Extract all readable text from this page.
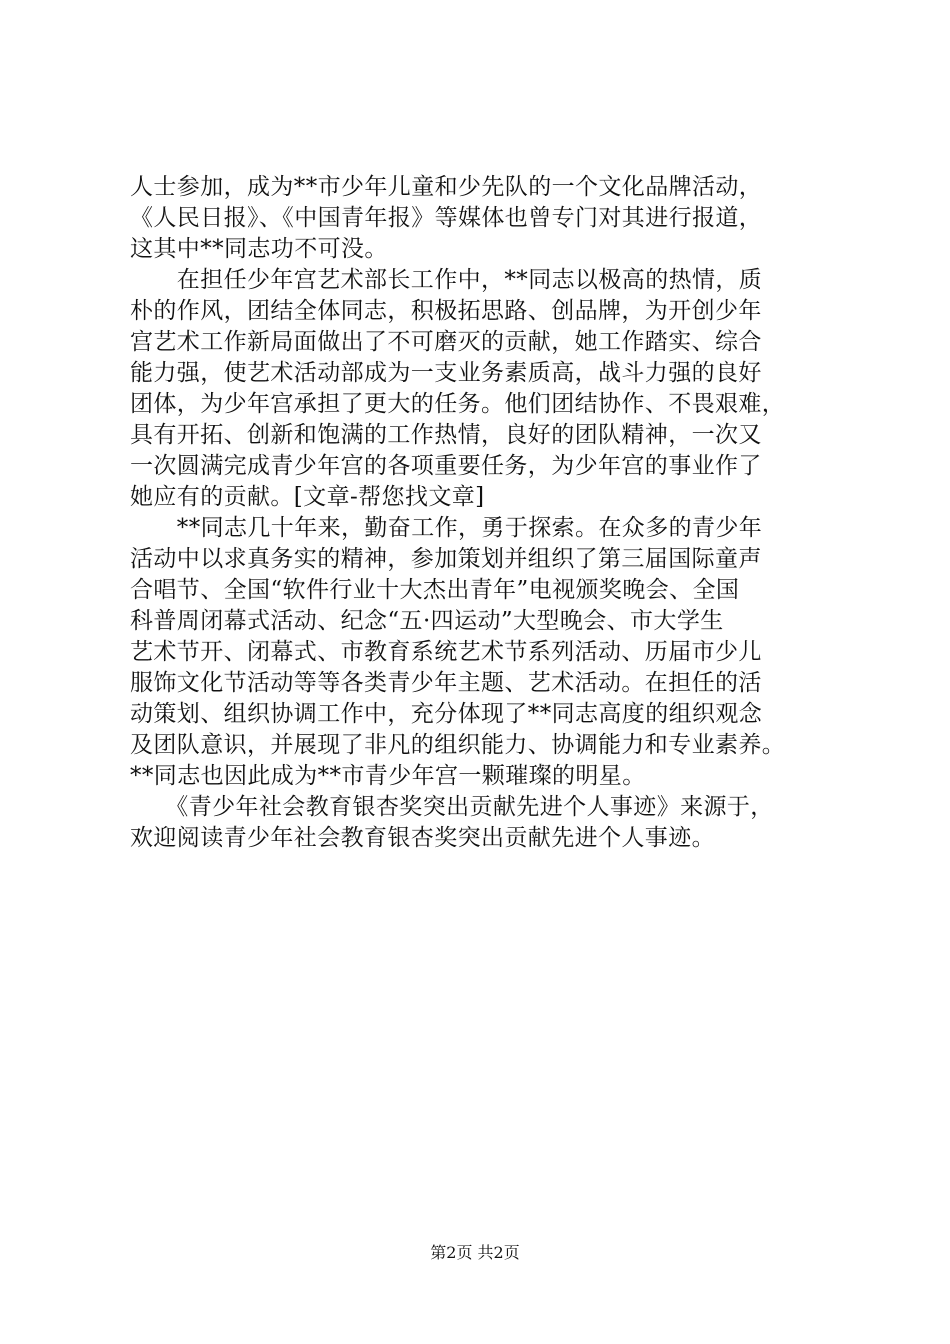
人士参加，成为**市少年儿童和少先队的一个文化品牌活动，
《人民日报》、《中国青年报》等媒体也曾专门对其进行报道，
这其中**同志功不可没。
　　在担任少年宫艺术部长工作中，**同志以极高的热情，质
朴的作风，团结全体同志，积极拓思路、创品牌，为开创少年
宫艺术工作新局面做出了不可磨灭的贡献，她工作踏实、综合
能力强，使艺术活动部成为一支业务素质高，战斗力强的良好
团体，为少年宫承担了更大的任务。他们团结协作、不畏艰难，
具有开拓、创新和饱满的工作热情，良好的团队精神，一次又
一次圆满完成青少年宫的各项重要任务，为少年宫的事业作了
她应有的贡献。[文章-帮您找文章]
　　**同志几十年来，勤奋工作，勇于探索。在众多的青少年
活动中以求真务实的精神，参加策划并组织了第三届国际童声
合唱节、全国“软件行业十大杰出青年”电视颁奖晚会、全国
科普周闭幕式活动、纪念“五·四运动”大型晚会、市大学生
艺术节开、闭幕式、市教育系统艺术节系列活动、历届市少儿
服饰文化节活动等等各类青少年主题、艺术活动。在担任的活
动策划、组织协调工作中，充分体现了**同志高度的组织观念
及团队意识，并展现了非凡的组织能力、协调能力和专业素养。
**同志也因此成为**市青少年宫一颗璀璨的明星。
　　《青少年社会教育银杏奖突出贡献先进个人事迹》来源于，
欢迎阅读青少年社会教育银杏奖突出贡献先进个人事迹。
第2页 共2页
